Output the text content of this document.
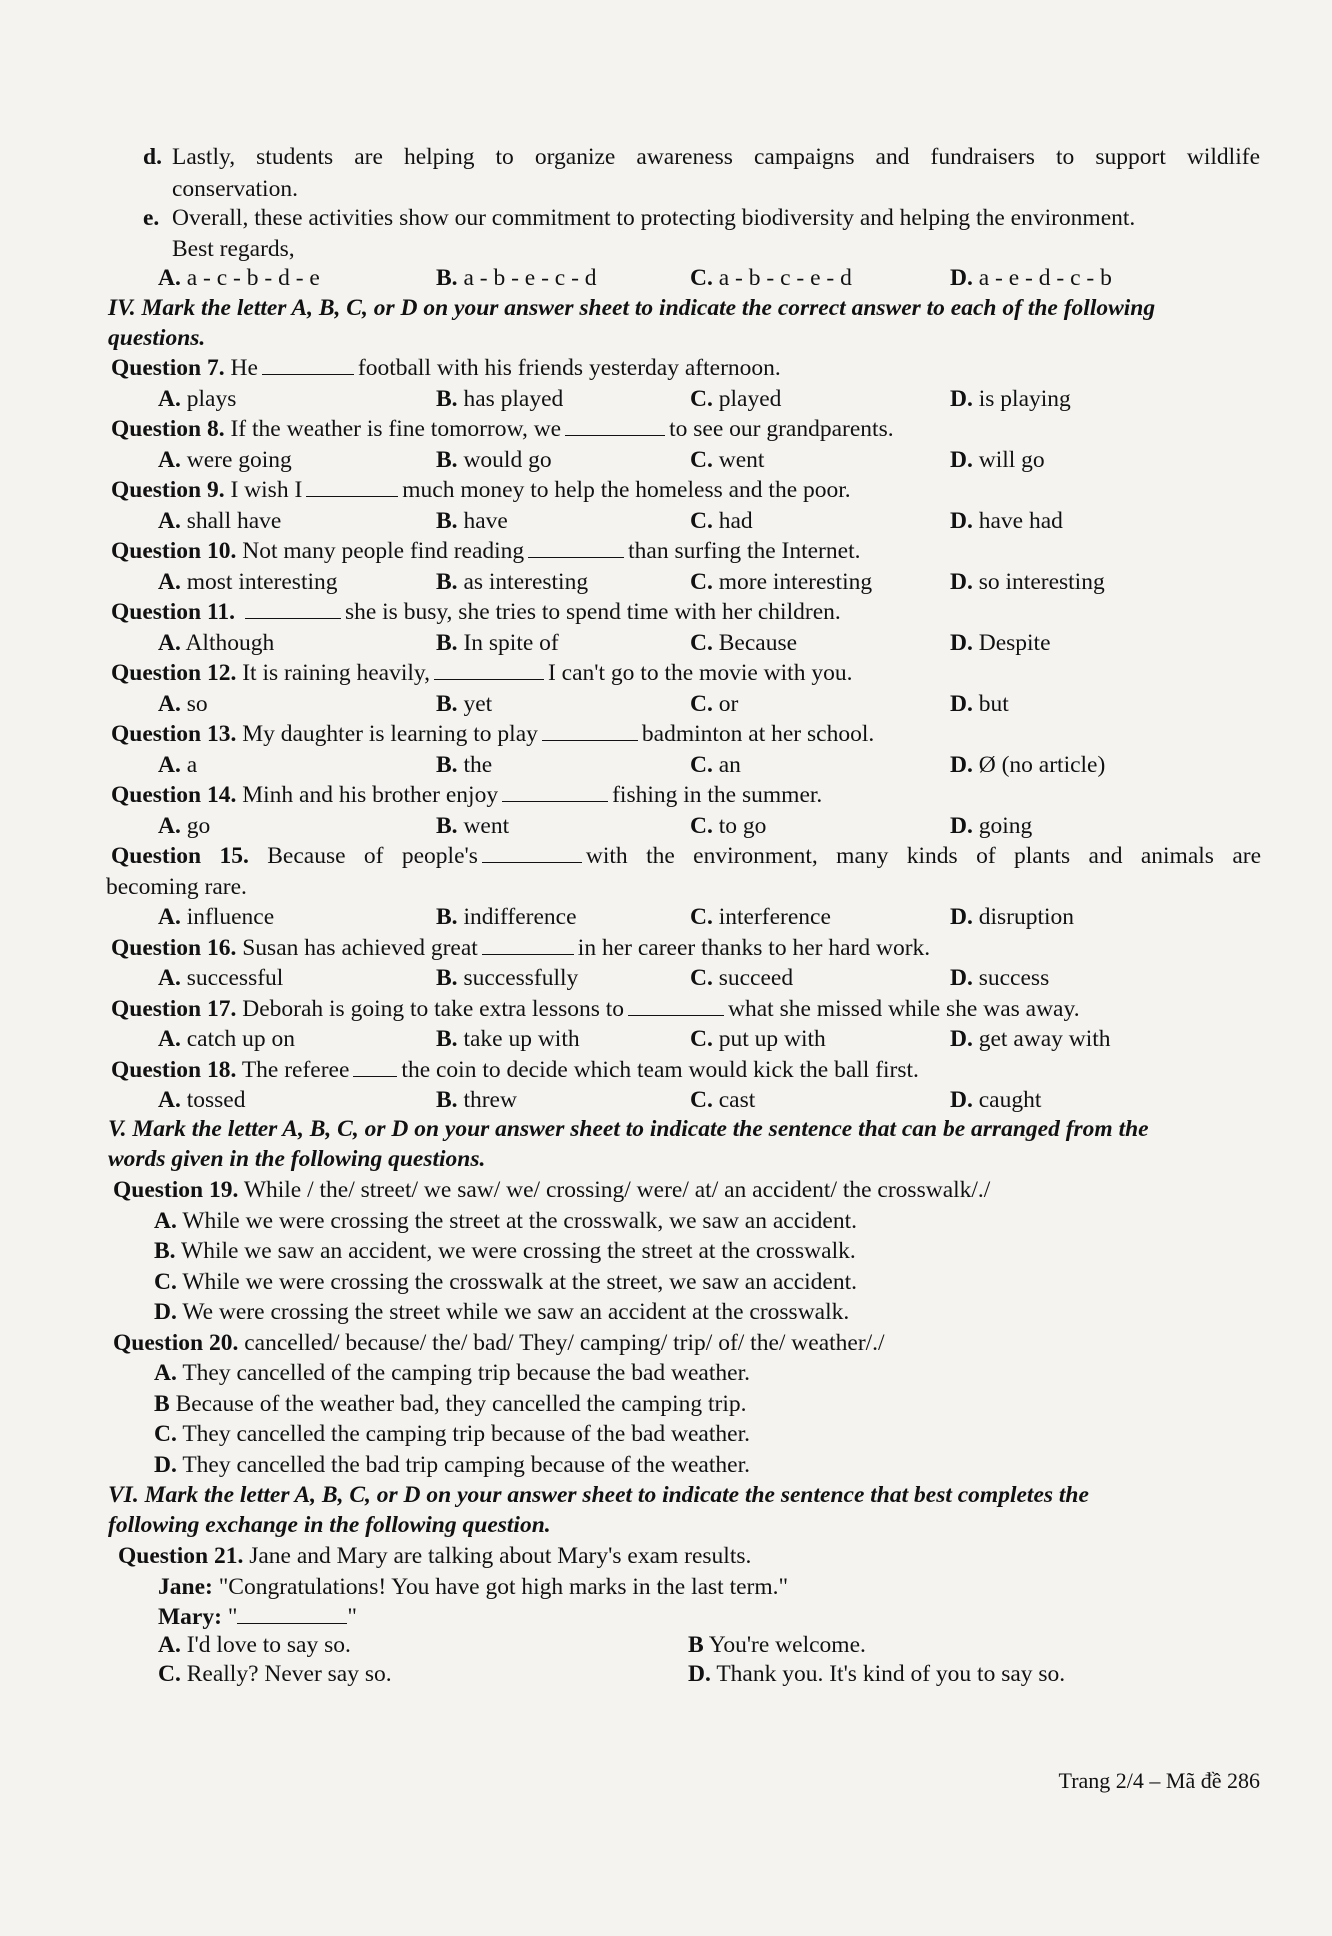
d. Lastly, students are helping to organize awareness campaigns and fundraisers to support wildlife
conservation.
e. Overall, these activities show our commitment to protecting biodiversity and helping the environment.
Best regards,
A. a - c - b - d - e	B. a - b - e - c - d	C. a - b - c - e - d	D. a - e - d - c - b
IV. Mark the letter A, B, C, or D on your answer sheet to indicate the correct answer to each of the following
questions.
Question 7. He	football with his friends yesterday afternoon.
A. plays	B. has played	C. played	D. is playing
Question 8. If the weather is fine tomorrow, we	to see our grandparents.
A. were going	B. would go	C. went	D. will go
Question 9. I wish I	much money to help the homeless and the poor.
A. shall have	B. have	C. had	D. have had
Question 10. Not many people find reading	than surfing the Internet.
A. most interesting	B. as interesting	C. more interesting	D. so interesting
Question 11.	she is busy, she tries to spend time with her children.
A. Although	B. In spite of	C. Because	D. Despite
Question 12. It is raining heavily,	I can't go to the movie with you.
A. so	B. yet	C. or	D. but
Question 13. My daughter is learning to play	badminton at her school.
A. a	B. the	C. an	D. Ø (no article)
Question 14. Minh and his brother enjoy	fishing in the summer.
A. go	B. went	C. to go	D. going
Question 15. Because of people's	with the environment, many kinds of plants and animals are
becoming rare.
A. influence	B. indifference	C. interference	D. disruption
Question 16. Susan has achieved great	in her career thanks to her hard work.
A. successful	B. successfully	C. succeed	D. success
Question 17. Deborah is going to take extra lessons to	what she missed while she was away.
A. catch up on	B. take up with	C. put up with	D. get away with
Question 18. The referee the coin to decide which team would kick the ball first.
A. tossed	B. threw	C. cast	D. caught
V. Mark the letter A, B, C, or D on your answer sheet to indicate the sentence that can be arranged from the
words given in the following questions.
Question 19. While / the/ street/ we saw/ we/ crossing/ were/ at/ an accident/ the crosswalk/./
A. While we were crossing the street at the crosswalk, we saw an accident.
B. While we saw an accident, we were crossing the street at the crosswalk.
C. While we were crossing the crosswalk at the street, we saw an accident.
D. We were crossing the street while we saw an accident at the crosswalk.
Question 20. cancelled/ because/ the/ bad/ They/ camping/ trip/ of/ the/ weather/./
A. They cancelled of the camping trip because the bad weather.
B Because of the weather bad, they cancelled the camping trip.
C. They cancelled the camping trip because of the bad weather.
D. They cancelled the bad trip camping because of the weather.
VI. Mark the letter A, B, C, or D on your answer sheet to indicate the sentence that best completes the
following exchange in the following question.
Question 21. Jane and Mary are talking about Mary's exam results.
Jane: "Congratulations! You have got high marks in the last term."
Mary: "	"
A. I'd love to say so.	B You're welcome.
C. Really? Never say so.	D. Thank you. It's kind of you to say so.
Trang 2/4 – Mã đề 286
